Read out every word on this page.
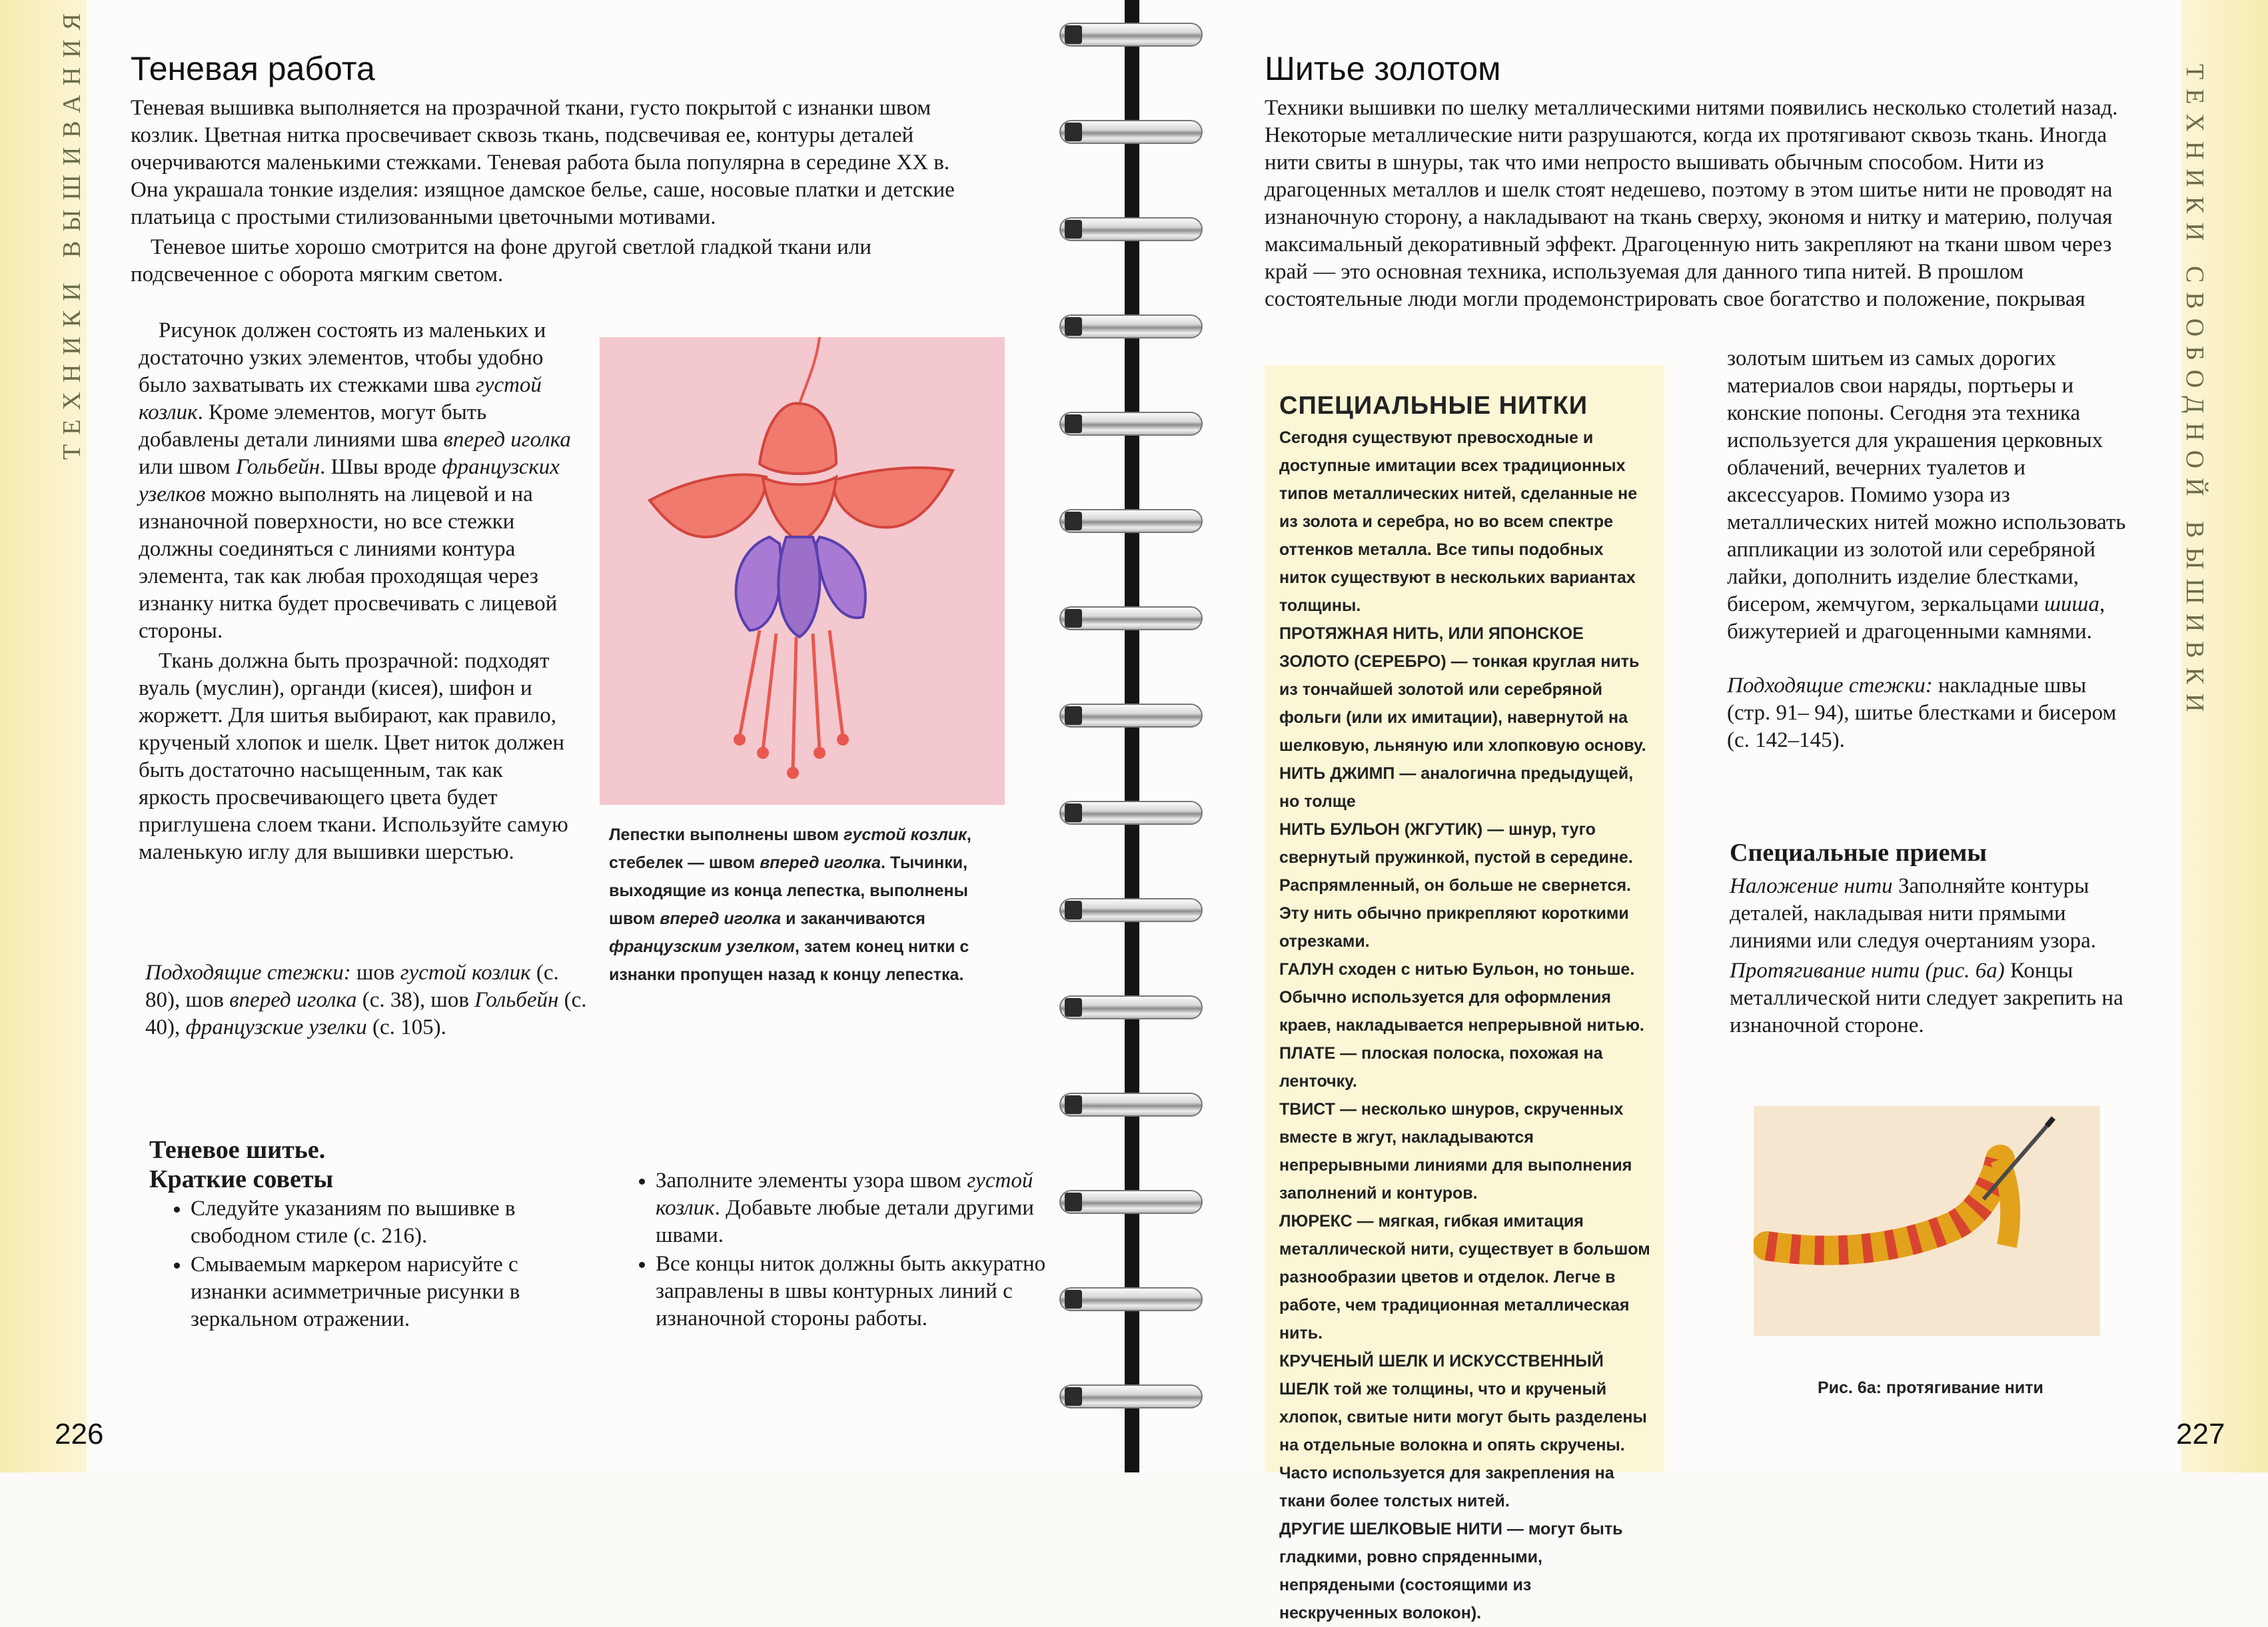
ТЕХНИКИ ВЫШИВАНИЯ Теневая работа

Теневая вышивка выполняется на прозрачной ткани, густо покрытой с изнанки швом козлик. Цветная нитка просвечивает сквозь ткань, подсвечивая ее, контуры деталей очерчиваются маленькими стежками. Теневая работа была популярна в середине XX в. Она украшала тонкие изделия: изящное дамское белье, саше, носовые платки и детские платьица с простыми стилизованными цветочными мотивами.

Теневое шитье хорошо смотрится на фоне другой светлой гладкой ткани или подсвеченное с оборота мягким светом.

Рисунок должен состоять из маленьких и достаточно узких элементов, чтобы удобно было захватывать их стежками шва густой козлик. Кроме элементов, могут быть добавлены детали линиями шва вперед иголка или швом Гольбейн. Швы вроде французских узелков можно выполнять на лицевой и на изнаночной поверхности, но все стежки должны соединяться с линиями контура элемента, так как любая проходящая через изнанку нитка будет просвечивать с лицевой стороны.

Ткань должна быть прозрачной: подходят вуаль (муслин), органди (кисея), шифон и жоржетт. Для шитья выбирают, как правило, крученый хлопок и шелк. Цвет ниток должен быть достаточно насыщенным, так как яркость просвечивающего цвета будет приглушена слоем ткани. Используйте самую маленькую иглу для вышивки шерстью.

Подходящие стежки: шов густой козлик (с. 80), шов вперед иголка (с. 38), шов Гольбейн (с. 40), французские узелки (с. 105).

Лепестки выполнены швом густой козлик, стебелек — швом вперед иголка. Тычинки, выходящие из конца лепестка, выполнены швом вперед иголка и заканчиваются французским узелком, затем конец нитки с изнанки пропущен назад к концу лепестка.
Теневое шитье.
Краткие советы
• Следуйте указаниям по вышивке в свободном стиле (с. 216).
• Смываемым маркером нарисуйте с изнанки асимметричные рисунки в зеркальном отражении.
• Заполните элементы узора швом густой козлик. Добавьте любые детали другими швами.
• Все концы ниток должны быть аккуратно заправлены в швы контурных линий с изнаночной стороны работы.
226
ТЕХНИКИ СВОБОДНОЙ ВЫШИВКИ
Шитье золотом

Техники вышивки по шелку металлическими нитями появились несколько столетий назад. Некоторые металлические нити разрушаются, когда их протягивают сквозь ткань. Иногда нити свиты в шнуры, так что ими непросто вышивать обычным способом. Нити из драгоценных металлов и шелк стоят недешево, поэтому в этом шитье нити не проводят на изнаночную сторону, а накладывают на ткань сверху, экономя и нитку и материю, получая максимальный декоративный эффект. Драгоценную нить закрепляют на ткани швом через край — это основная техника, используемая для данного типа нитей. В прошлом состоятельные люди могли продемонстрировать свое богатство и положение, покрывая

золотым шитьем из самых дорогих материалов свои наряды, портьеры и конские попоны. Сегодня эта техника используется для украшения церковных облачений, вечерних туалетов и аксессуаров. Помимо узора из металлических нитей можно использовать аппликации из золотой или серебряной лайки, дополнить изделие блестками, бисером, жемчугом, зеркальцами шиша, бижутерией и драгоценными камнями.

Подходящие стежки: накладные швы (стр. 91– 94), шитье блестками и бисером (с. 142–145).

Специальные приемы

Наложение нити Заполняйте контуры деталей, накладывая нити прямыми линиями или следуя очертаниям узора.

Протягивание нити (рис. 6а) Концы металлической нити следует закрепить на изнаночной стороне.

СПЕЦИАЛЬНЫЕ НИТКИ

Сегодня существуют превосходные и доступные имитации всех традиционных типов металлических нитей, сделанные не из золота и серебра, но во всем спектре оттенков металла. Все типы подобных ниток существуют в нескольких вариантах толщины.

ПРОТЯЖНАЯ НИТЬ, ИЛИ ЯПОНСКОЕ ЗОЛОТО (СЕРЕБРО) — тонкая круглая нить из тончайшей золотой или серебряной фольги (или их имитации), навернутой на шелковую, льняную или хлопковую основу.

НИТЬ ДЖИМП — аналогична предыдущей, но толще

НИТЬ БУЛЬОН (ЖГУТИК) — шнур, туго свернутый пружинкой, пустой в середине. Распрямленный, он больше не свернется. Эту нить обычно прикрепляют короткими отрезками.

ГАЛУН сходен с нитью Бульон, но тоньше. Обычно используется для оформления краев, накладывается непрерывной нитью.

ПЛАТЕ — плоская полоска, похожая на ленточку.

ТВИСТ — несколько шнуров, скрученных вместе в жгут, накладываются непрерывными линиями для выполнения заполнений и контуров.

ЛЮРЕКС — мягкая, гибкая имитация металлической нити, существует в большом разнообразии цветов и отделок. Легче в работе, чем традиционная металлическая нить.

КРУЧЕНЫЙ ШЕЛК И ИСКУССТВЕННЫЙ ШЕЛК той же толщины, что и крученый хлопок, свитые нити могут быть разделены на отдельные волокна и опять скручены. Часто используется для закрепления на ткани более толстых нитей.

ДРУГИЕ ШЕЛКОВЫЕ НИТИ — могут быть гладкими, ровно спряденными, непрядеными (состоящими из нескрученных волокон).

Рис. 6а: протягивание нити
227
